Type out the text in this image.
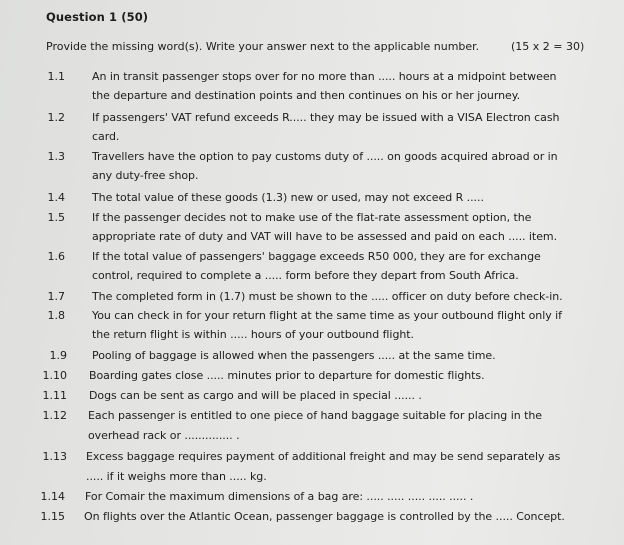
Question 1 (50)
Provide the missing word(s). Write your answer next to the applicable number.	(15 x 2 = 30)
1.1 An in transit passenger stops over for no more than ..... hours at a midpoint between
the departure and destination points and then continues on his or her journey.
1.2 If passengers' VAT refund exceeds R..... they may be issued with a VISA Electron cash
card.
1.3 Travellers have the option to pay customs duty of ..... on goods acquired abroad or in
any duty-free shop.
1.4 The total value of these goods (1.3) new or used, may not exceed R .....
1.5 If the passenger decides not to make use of the flat-rate assessment option, the
appropriate rate of duty and VAT will have to be assessed and paid on each ..... item.
1.6 If the total value of passengers' baggage exceeds R50 000, they are for exchange
control, required to complete a ..... form before they depart from South Africa.
1.7 The completed form in (1.7) must be shown to the ..... officer on duty before check-in.
1.8 You can check in for your return flight at the same time as your outbound flight only if
the return flight is within ..... hours of your outbound flight.
1.9 Pooling of baggage is allowed when the passengers ..... at the same time.
1.10 Boarding gates close ..... minutes prior to departure for domestic flights.
1.11 Dogs can be sent as cargo and will be placed in special ...... .
1.12 Each passenger is entitled to one piece of hand baggage suitable for placing in the
overhead rack or .............. .
1.13 Excess baggage requires payment of additional freight and may be send separately as
..... if it weighs more than ..... kg.
1.14 For Comair the maximum dimensions of a bag are: ..... ..... ..... ..... ..... .
1.15 On flights over the Atlantic Ocean, passenger baggage is controlled by the ..... Concept.
